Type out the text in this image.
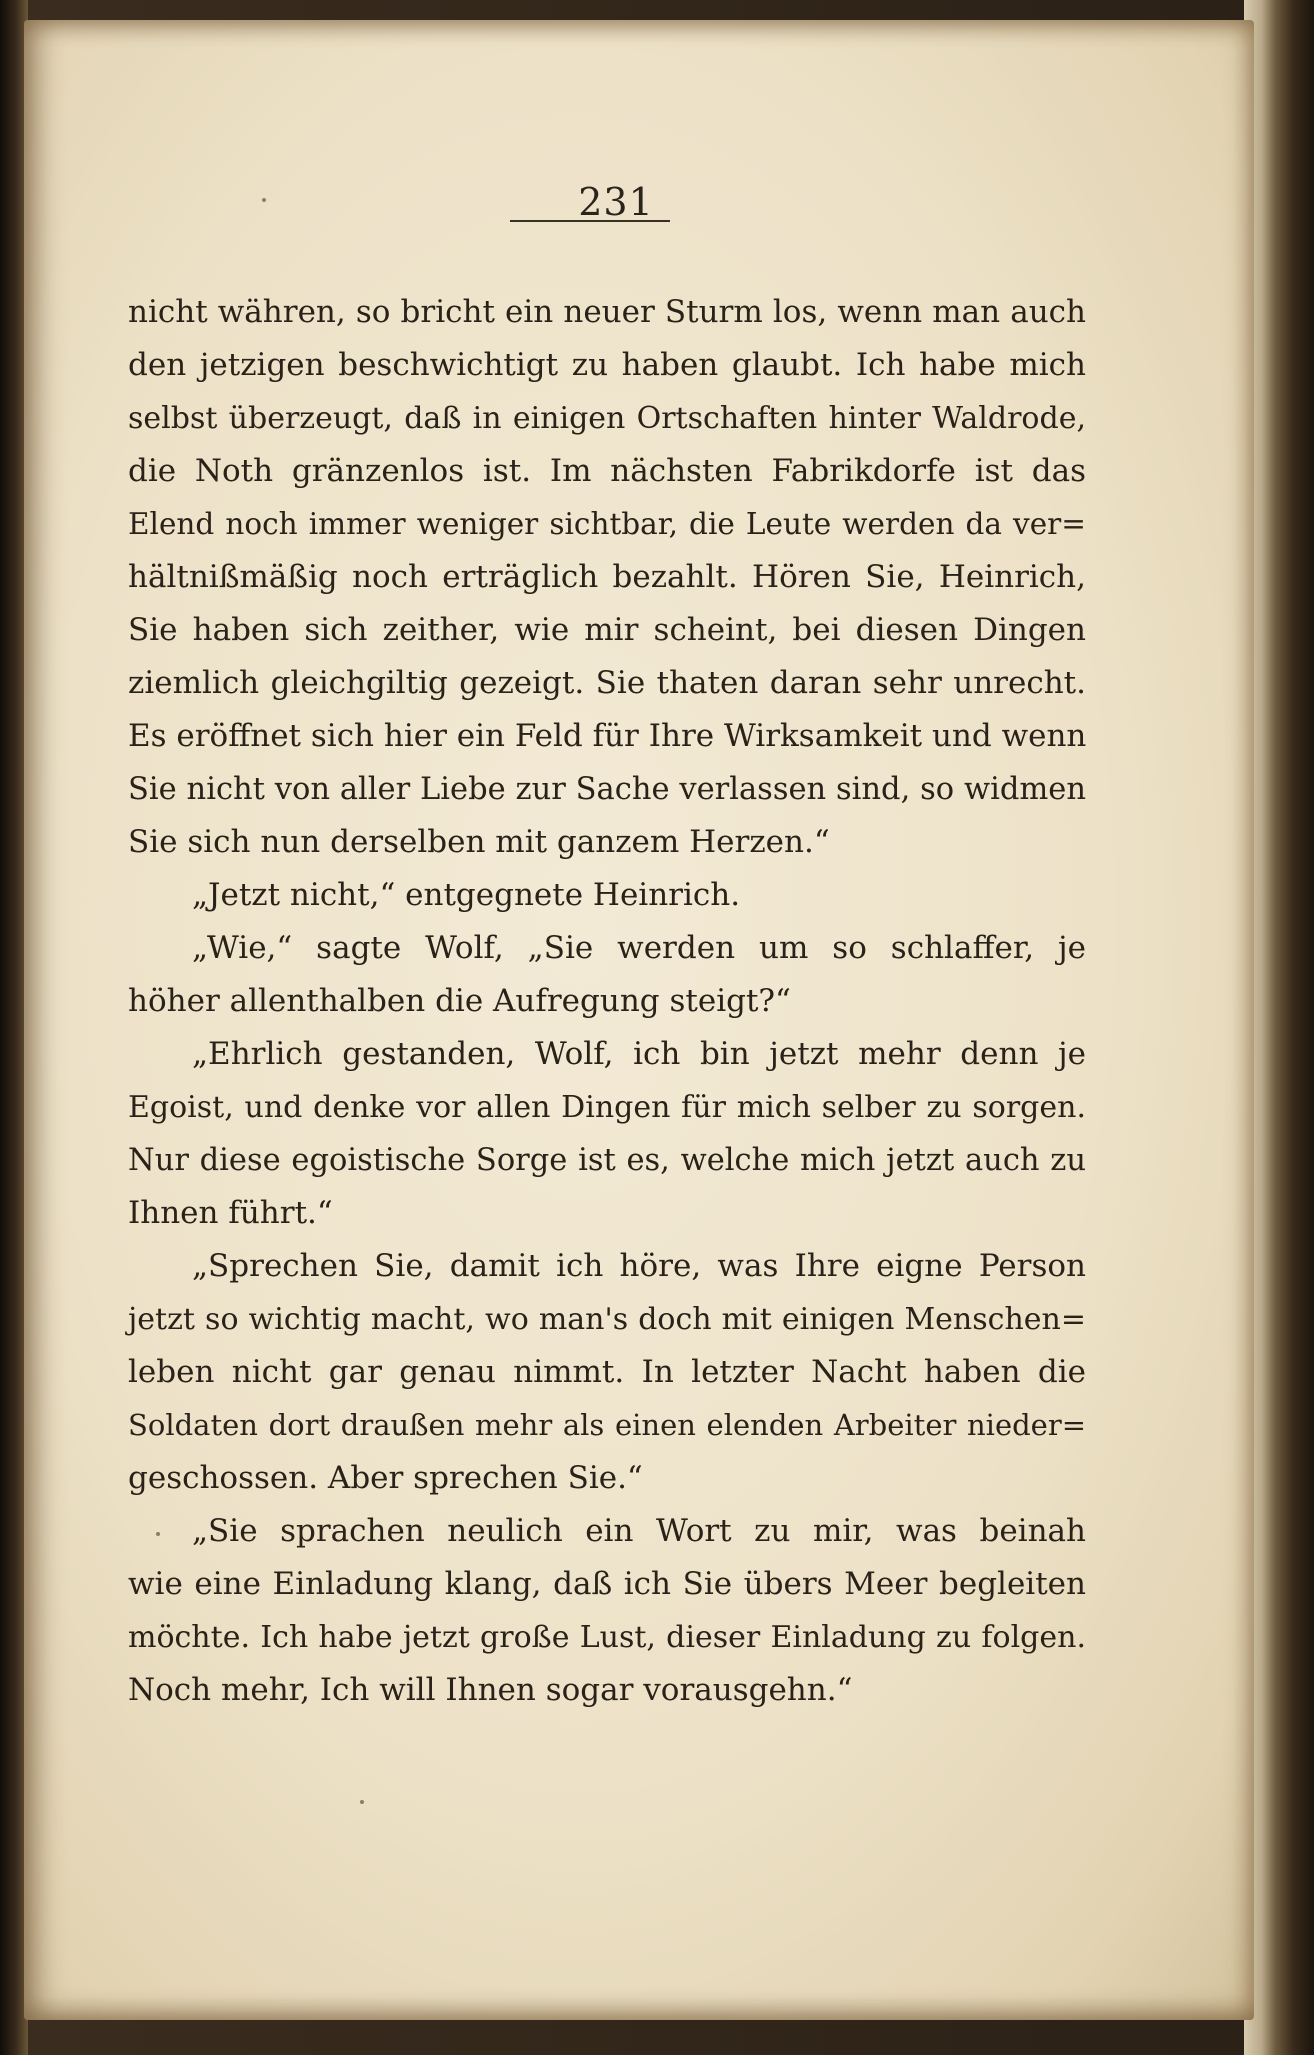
231
nicht währen, so bricht ein neuer Sturm los, wenn man auch
den jetzigen beschwichtigt zu haben glaubt. Ich habe mich
selbst überzeugt, daß in einigen Ortschaften hinter Waldrode,
die Noth gränzenlos ist. Im nächsten Fabrikdorfe ist das
Elend noch immer weniger sichtbar, die Leute werden da ver=
hältnißmäßig noch erträglich bezahlt. Hören Sie, Heinrich,
Sie haben sich zeither, wie mir scheint, bei diesen Dingen
ziemlich gleichgiltig gezeigt. Sie thaten daran sehr unrecht.
Es eröffnet sich hier ein Feld für Ihre Wirksamkeit und wenn
Sie nicht von aller Liebe zur Sache verlassen sind, so widmen
Sie sich nun derselben mit ganzem Herzen.“
„Jetzt nicht,“ entgegnete Heinrich.
„Wie,“ sagte Wolf, „Sie werden um so schlaffer, je
höher allenthalben die Aufregung steigt?“
„Ehrlich gestanden, Wolf, ich bin jetzt mehr denn je
Egoist, und denke vor allen Dingen für mich selber zu sorgen.
Nur diese egoistische Sorge ist es, welche mich jetzt auch zu
Ihnen führt.“
„Sprechen Sie, damit ich höre, was Ihre eigne Person
jetzt so wichtig macht, wo man's doch mit einigen Menschen=
leben nicht gar genau nimmt. In letzter Nacht haben die
Soldaten dort draußen mehr als einen elenden Arbeiter nieder=
geschossen. Aber sprechen Sie.“
„Sie sprachen neulich ein Wort zu mir, was beinah
wie eine Einladung klang, daß ich Sie übers Meer begleiten
möchte. Ich habe jetzt große Lust, dieser Einladung zu folgen.
Noch mehr, Ich will Ihnen sogar vorausgehn.“
